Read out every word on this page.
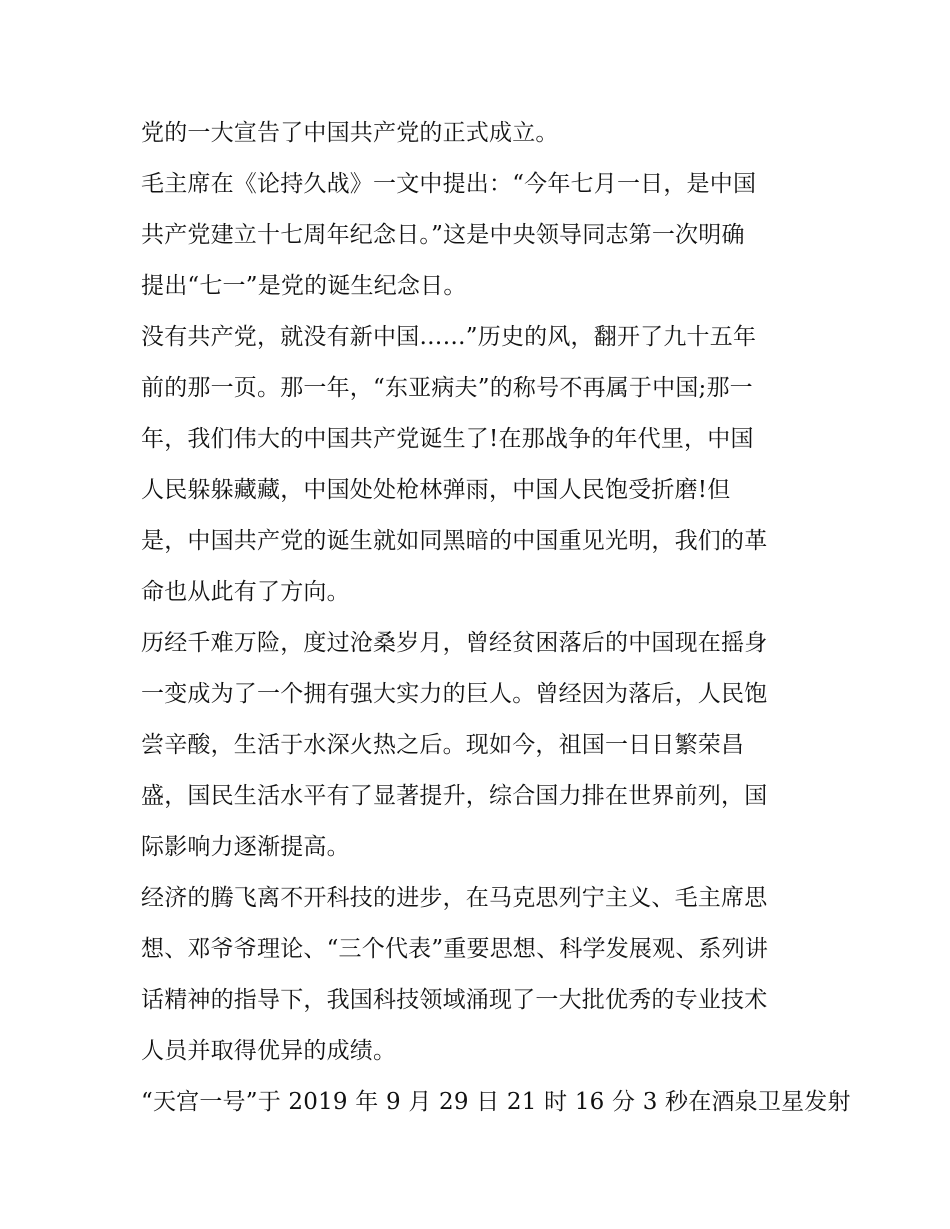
党的一大宣告了中国共产党的正式成立。
毛主席在《论持久战》一文中提出：“今年七月一日，是中国
共产党建立十七周年纪念日。”这是中央领导同志第一次明确
提出“七一”是党的诞生纪念日。
没有共产党，就没有新中国……”历史的风，翻开了九十五年
前的那一页。那一年，“东亚病夫”的称号不再属于中国;那一
年，我们伟大的中国共产党诞生了!在那战争的年代里，中国
人民躲躲藏藏，中国处处枪林弹雨，中国人民饱受折磨!但
是，中国共产党的诞生就如同黑暗的中国重见光明，我们的革
命也从此有了方向。
历经千难万险，度过沧桑岁月，曾经贫困落后的中国现在摇身
一变成为了一个拥有强大实力的巨人。曾经因为落后，人民饱
尝辛酸，生活于水深火热之后。现如今，祖国一日日繁荣昌
盛，国民生活水平有了显著提升，综合国力排在世界前列，国
际影响力逐渐提高。
经济的腾飞离不开科技的进步，在马克思列宁主义、毛主席思
想、邓爷爷理论、“三个代表”重要思想、科学发展观、系列讲
话精神的指导下，我国科技领域涌现了一大批优秀的专业技术
人员并取得优异的成绩。
“天宫一号”于 2019 年 9 月 29 日 21 时 16 分 3 秒在酒泉卫星发射
